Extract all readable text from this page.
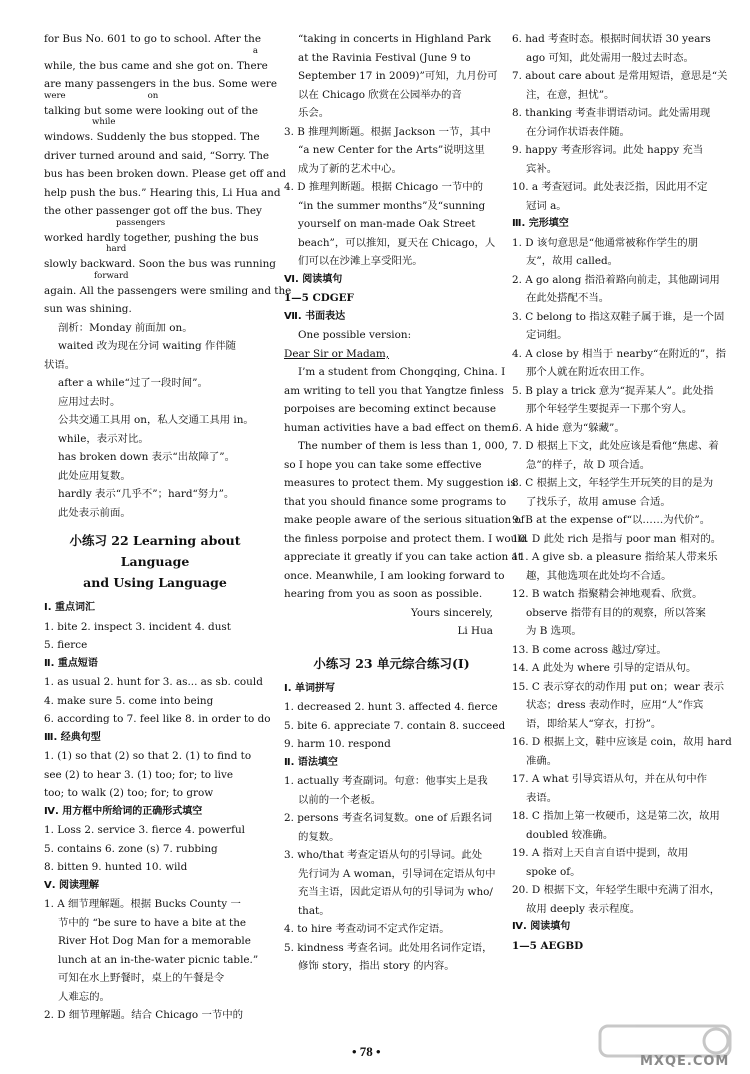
for Bus No. 601 to go to school. After the
a
while, the bus came and she got on. There
are many passengers in the bus. Some were
were                              on
talking but some were looking out of the
while
windows. Suddenly the bus stopped. The
driver turned around and said, “Sorry. The
bus has been broken down. Please get off and
help push the bus.” Hearing this, Li Hua and
the other passenger got off the bus. They
passengers
worked hardly together, pushing the bus
hard
slowly backward. Soon the bus was running
forward
again. All the passengers were smiling and the
sun was shining.
剖析：Monday 前面加 on。
waited 改为现在分词 waiting 作伴随
状语。
after a while“过了一段时间”。
应用过去时。
公共交通工具用 on，私人交通工具用 in。
while，表示对比。
has broken down 表示“出故障了”。
此处应用复数。
hardly 表示“几乎不”；hard“努力”。
此处表示前面。
小练习 22 Learning about Language
and Using Language
Ⅰ. 重点词汇
1. bite 2. inspect 3. incident 4. dust
5. fierce
Ⅱ. 重点短语
1. as usual 2. hunt for 3. as... as sb. could
4. make sure 5. come into being
6. according to 7. feel like 8. in order to do
Ⅲ. 经典句型
1. (1) so that (2) so that 2. (1) to find to
see (2) to hear 3. (1) too; for; to live
too; to walk (2) too; for; to grow
Ⅳ. 用方框中所给词的正确形式填空
1. Loss 2. service 3. fierce 4. powerful
5. contains 6. zone (s) 7. rubbing
8. bitten 9. hunted 10. wild
Ⅴ. 阅读理解
1. A 细节理解题。根据 Bucks County 一
节中的 “be sure to have a bite at the
River Hot Dog Man for a memorable
lunch at an in-the-water picnic table.”
可知在水上野餐时，桌上的午餐是令
人难忘的。
2. D 细节理解题。结合 Chicago 一节中的
“taking in concerts in Highland Park
at the Ravinia Festival (June 9 to
September 17 in 2009)”可知，九月份可
以在 Chicago 欣赏在公园举办的音
乐会。
3. B 推理判断题。根据 Jackson 一节，其中
“a new Center for the Arts”说明这里
成为了新的艺术中心。
4. D 推理判断题。根据 Chicago 一节中的
“in the summer months”及“sunning
yourself on man-made Oak Street
beach”，可以推知，夏天在 Chicago，人
们可以在沙滩上享受阳光。
Ⅵ. 阅读填句
1—5 CDGEF
Ⅶ. 书面表达
One possible version:
Dear Sir or Madam,
I’m a student from Chongqing, China. I
am writing to tell you that Yangtze finless
porpoises are becoming extinct because
human activities have a bad effect on them.
The number of them is less than 1, 000,
so I hope you can take some effective
measures to protect them. My suggestion is
that you should finance some programs to
make people aware of the serious situation of
the finless porpoise and protect them. I would
appreciate it greatly if you can take action at
once. Meanwhile, I am looking forward to
hearing from you as soon as possible.
Yours sincerely,
Li Hua
小练习 23 单元综合练习(Ⅰ)
Ⅰ. 单词拼写
1. decreased 2. hunt 3. affected 4. fierce
5. bite 6. appreciate 7. contain 8. succeed
9. harm 10. respond
Ⅱ. 语法填空
1. actually 考查副词。句意：他事实上是我
以前的一个老板。
2. persons 考查名词复数。one of 后跟名词
的复数。
3. who/that 考查定语从句的引导词。此处
先行词为 A woman，引导词在定语从句中
充当主语，因此定语从句的引导词为 who/
that。
4. to hire 考查动词不定式作定语。
5. kindness 考查名词。此处用名词作定语，
修饰 story，指出 story 的内容。
6. had 考查时态。根据时间状语 30 years
ago 可知，此处需用一般过去时态。
7. about care about 是常用短语，意思是“关
注，在意，担忧”。
8. thanking 考查非谓语动词。此处需用现
在分词作状语表伴随。
9. happy 考查形容词。此处 happy 充当
宾补。
10. a 考查冠词。此处表泛指，因此用不定
冠词 a。
Ⅲ. 完形填空
1. D 该句意思是“他通常被称作学生的朋
友”，故用 called。
2. A go along 指沿着路向前走，其他副词用
在此处搭配不当。
3. C belong to 指这双鞋子属于谁，是一个固
定词组。
4. A close by 相当于 nearby“在附近的”，指
那个人就在附近农田工作。
5. B play a trick 意为“捉弄某人”。此处指
那个年轻学生要捉弄一下那个穷人。
6. A hide 意为“躲藏”。
7. D 根据上下文，此处应该是看他“焦虑、着
急”的样子，故 D 项合适。
8. C 根据上文，年轻学生开玩笑的目的是为
了找乐子，故用 amuse 合适。
9. B at the expense of“以……为代价”。
10. D 此处 rich 是指与 poor man 相对的。
11. A give sb. a pleasure 指给某人带来乐
趣，其他选项在此处均不合适。
12. B watch 指聚精会神地观看、欣赏。
observe 指带有目的的观察，所以答案
为 B 选项。
13. B come across 越过/穿过。
14. A 此处为 where 引导的定语从句。
15. C 表示穿衣的动作用 put on；wear 表示
状态；dress 表动作时，应用“人”作宾
语，即给某人“穿衣，打扮”。
16. D 根据上文，鞋中应该是 coin，故用 hard
准确。
17. A what 引导宾语从句，并在从句中作
表语。
18. C 指加上第一枚硬币，这是第二次，故用
doubled 较准确。
19. A 指对上天自言自语中提到，故用
spoke of。
20. D 根据下文，年轻学生眼中充满了泪水，
故用 deeply 表示程度。
Ⅳ. 阅读填句
1—5 AEGBD
• 78 •
MXQE.COM
